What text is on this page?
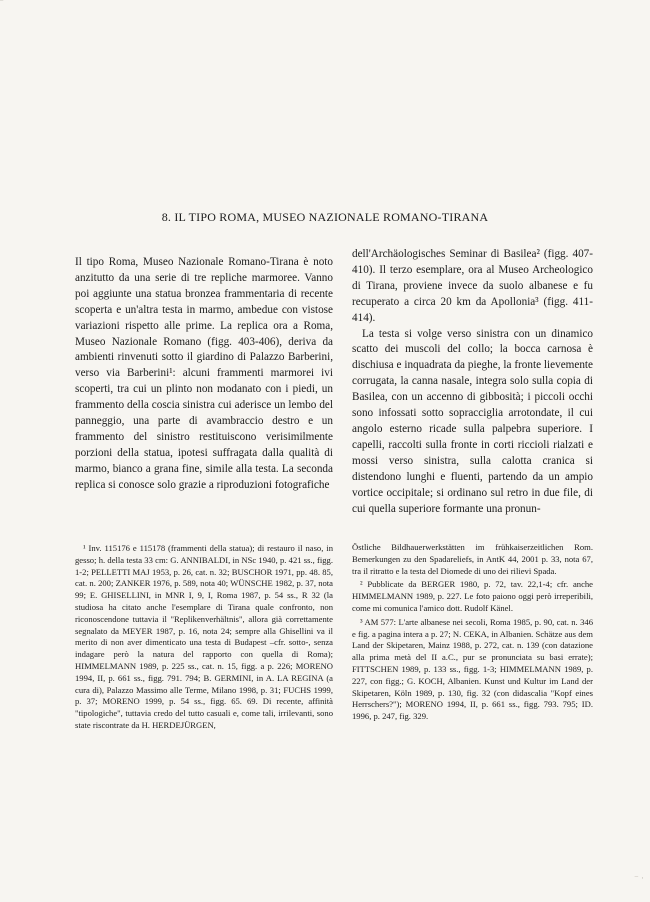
‾
8. IL TIPO ROMA, MUSEO NAZIONALE ROMANO-TIRANA

Il tipo Roma, Museo Nazionale Romano-Tirana è noto anzitutto da una serie di tre repliche marmoree. Vanno poi aggiunte una statua bronzea frammentaria di recente scoperta e un'altra testa in marmo, ambedue con vistose variazioni rispetto alle prime. La replica ora a Roma, Museo Nazionale Romano (figg. 403-406), deriva da ambienti rinvenuti sotto il giardino di Palazzo Barberini, verso via Barberini¹: alcuni frammenti marmorei ivi scoperti, tra cui un plinto non modanato con i piedi, un frammento della coscia sinistra cui aderisce un lembo del panneggio, una parte di avambraccio destro e un frammento del sinistro restituiscono verisimilmente porzioni della statua, ipotesi suffragata dalla qualità di marmo, bianco a grana fine, simile alla testa. La seconda replica si conosce solo grazie a riproduzioni fotografiche

dell'Archäologisches Seminar di Basilea² (figg. 407-410). Il terzo esemplare, ora al Museo Archeologico di Tirana, proviene invece da suolo albanese e fu recuperato a circa 20 km da Apollonia³ (figg. 411-414).

La testa si volge verso sinistra con un dinamico scatto dei muscoli del collo; la bocca carnosa è dischiusa e inquadrata da pieghe, la fronte lievemente corrugata, la canna nasale, integra solo sulla copia di Basilea, con un accenno di gibbosità; i piccoli occhi sono infossati sotto sopracciglia arrotondate, il cui angolo esterno ricade sulla palpebra superiore. I capelli, raccolti sulla fronte in corti riccioli rialzati e mossi verso sinistra, sulla calotta cranica si distendono lunghi e fluenti, partendo da un ampio vortice occipitale; si ordinano sul retro in due file, di cui quella superiore formante una pronun-

¹ Inv. 115176 e 115178 (frammenti della statua); di restauro il naso, in gesso; h. della testa 33 cm: G. ANNIBALDI, in NSc 1940, p. 421 ss., figg. 1-2; PELLETTI MAJ 1953, p. 26, cat. n. 32; BUSCHOR 1971, pp. 48. 85, cat. n. 200; ZANKER 1976, p. 589, nota 40; WÜNSCHE 1982, p. 37, nota 99; E. GHISELLINI, in MNR I, 9, I, Roma 1987, p. 54 ss., R 32 (la studiosa ha citato anche l'esemplare di Tirana quale confronto, non riconoscendone tuttavia il "Replikenverhältnis", allora già correttamente segnalato da MEYER 1987, p. 16, nota 24; sempre alla Ghisellini va il merito di non aver dimenticato una testa di Budapest –cfr. sotto-, senza indagare però la natura del rapporto con quella di Roma); HIMMELMANN 1989, p. 225 ss., cat. n. 15, figg. a p. 226; MORENO 1994, II, p. 661 ss., figg. 791. 794; B. GERMINI, in A. LA REGINA (a cura di), Palazzo Massimo alle Terme, Milano 1998, p. 31; FUCHS 1999, p. 37; MORENO 1999, p. 54 ss., figg. 65. 69. Di recente, affinità "tipologiche", tuttavia credo del tutto casuali e, come tali, irrilevanti, sono state riscontrate da H. HERDEJÜRGEN,

Östliche Bildhauerwerkstätten im frühkaiserzeitlichen Rom. Bemerkungen zu den Spadareliefs, in AntK 44, 2001 p. 33, nota 67, tra il ritratto e la testa del Diomede di uno dei rilievi Spada.

² Pubblicate da BERGER 1980, p. 72, tav. 22,1-4; cfr. anche HIMMELMANN 1989, p. 227. Le foto paiono oggi però irreperibili, come mi comunica l'amico dott. Rudolf Känel.

³ AM 577: L'arte albanese nei secoli, Roma 1985, p. 90, cat. n. 346 e fig. a pagina intera a p. 27; N. CEKA, in Albanien. Schätze aus dem Land der Skipetaren, Mainz 1988, p. 272, cat. n. 139 (con datazione alla prima metà del II a.C., pur se pronunciata su basi errate); FITTSCHEN 1989, p. 133 ss., figg. 1-3; HIMMELMANN 1989, p. 227, con figg.; G. KOCH, Albanien. Kunst und Kultur im Land der Skipetaren, Köln 1989, p. 130, fig. 32 (con didascalia "Kopf eines Herrschers?"); MORENO 1994, II, p. 661 ss., figg. 793. 795; ID. 1996, p. 247, fig. 329.

⁻ ·
